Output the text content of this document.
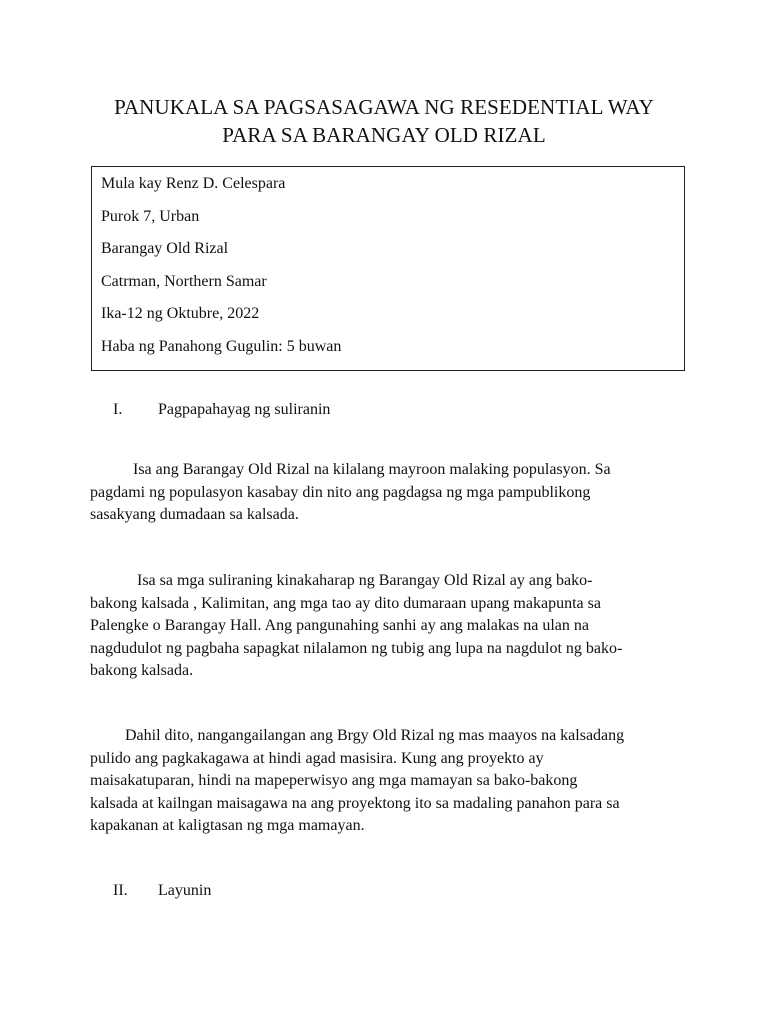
PANUKALA SA PAGSASAGAWA NG RESEDENTIAL WAY
PARA SA BARANGAY OLD RIZAL
Mula kay Renz D. Celespara
Purok 7, Urban
Barangay Old Rizal
Catrman, Northern Samar
Ika-12 ng Oktubre, 2022
Haba ng Panahong Gugulin: 5 buwan
I. Pagpapahayag ng suliranin
Isa ang Barangay Old Rizal na kilalang mayroon malaking populasyon. Sa
pagdami ng populasyon kasabay din nito ang pagdagsa ng mga pampublikong
sasakyang dumadaan sa kalsada.
Isa sa mga suliraning kinakaharap ng Barangay Old Rizal ay ang bako-
bakong kalsada , Kalimitan, ang mga tao ay dito dumaraan upang makapunta sa
Palengke o Barangay Hall. Ang pangunahing sanhi ay ang malakas na ulan na
nagdudulot ng pagbaha sapagkat nilalamon ng tubig ang lupa na nagdulot ng bako-
bakong kalsada.
Dahil dito, nangangailangan ang Brgy Old Rizal ng mas maayos na kalsadang
pulido ang pagkakagawa at hindi agad masisira. Kung ang proyekto ay
maisakatuparan, hindi na mapeperwisyo ang mga mamayan sa bako-bakong
kalsada at kailngan maisagawa na ang proyektong ito sa madaling panahon para sa
kapakanan at kaligtasan ng mga mamayan.
II. Layunin
